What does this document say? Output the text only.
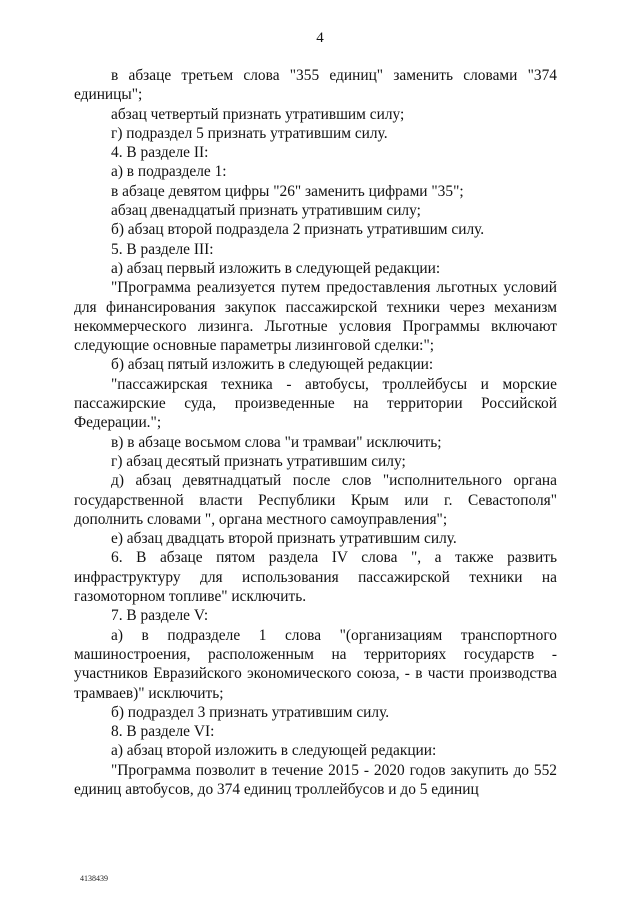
4

в абзаце третьем слова "355 единиц" заменить словами "374 единицы";

абзац четвертый признать утратившим силу;

г) подраздел 5 признать утратившим силу.

4. В разделе II:

а) в подразделе 1:

в абзаце девятом цифры "26" заменить цифрами "35";

абзац двенадцатый признать утратившим силу;

б) абзац второй подраздела 2 признать утратившим силу.

5. В разделе III:

а) абзац первый изложить в следующей редакции:

"Программа реализуется путем предоставления льготных условий для финансирования закупок пассажирской техники через механизм некоммерческого лизинга. Льготные условия Программы включают следующие основные параметры лизинговой сделки:";

б) абзац пятый изложить в следующей редакции:

"пассажирская техника - автобусы, троллейбусы и морские пассажирские суда, произведенные на территории Российской Федерации.";

в) в абзаце восьмом слова "и трамваи" исключить;

г) абзац десятый признать утратившим силу;

д) абзац девятнадцатый после слов "исполнительного органа государственной власти Республики Крым или г. Севастополя" дополнить словами ", органа местного самоуправления";

е) абзац двадцать второй признать утратившим силу.

6. В абзаце пятом раздела IV слова ", а также развить инфраструктуру для использования пассажирской техники на газомоторном топливе" исключить.

7. В разделе V:

а) в подразделе 1 слова "(организациям транспортного машиностроения, расположенным на территориях государств - участников Евразийского экономического союза, - в части производства трамваев)" исключить;

б) подраздел 3 признать утратившим силу.

8. В разделе VI:

а) абзац второй изложить в следующей редакции:

"Программа позволит в течение 2015 - 2020 годов закупить до 552 единиц автобусов, до 374 единиц троллейбусов и до 5 единиц

4138439
